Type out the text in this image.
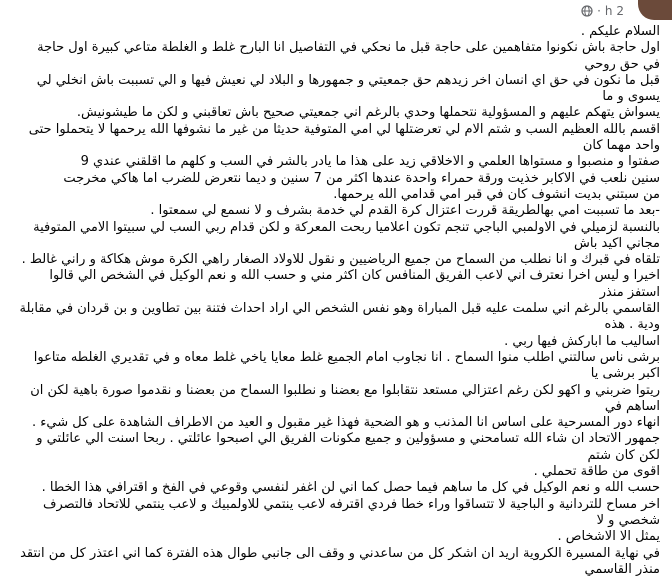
2 h
·

السلام عليكم .

اول حاجة باش نكونوا متفاهمين على حاجة قبل ما نحكي في التفاصيل انا البارح غلط و الغلطة متاعي كبيرة اول حاجة في حق روحي

قبل ما نكون في حق اي انسان اخر زيدهم حق جمعيتي و جمهورها و البلاد لي نعيش فيها و الي تسببت باش انخلي لي يسوى و ما

يسواش يتهكم عليهم و المسؤولية نتحملها وحدي بالرغم اني جمعيتي صحيح باش تعاقبني و لكن ما طيشونيش.

اقسم بالله العظيم السب و شتم الام لي تعرضتلها لي امي المتوفية حديثا من غير ما نشوفها الله يرحمها لا يتحملوا حتى واحد مهما كان

صفتوا و منصبوا و مستواها العلمي و الاخلاقي زيد على هذا ما يادر بالشر في السب و كلهم ما اقلقني عندي 9

سنين نلعب في الاكابر خذيت ورقة حمراء واحدة عندها اكثر من 7 سنين و ديما نتعرض للضرب اما هاكي مخرجت

من سبتني بديت انشوف كان في قبر امي قدامي الله يرحمها.

-بعد ما تسببت امي بهالطريقة قررت اعتزال كرة القدم لي خدمة بشرف و لا نسمع لي سمعتوا .

بالنسبة لزميلي في الاولمبي الباجي تنجم تكون اعلاميا ربحت المعركة و لكن قدام ربي السب لي سبيتوا الامي المتوفية مجاني اكيد باش

تلقاه في قبرك و انا نطلب من السماح من جميع الرياضيين و نقول للاولاد الصغار راهي الكرة موش هكاكة و راني غالط .

اخيرا و ليس اخرا نعترف اني لاعب الفريق المنافس كان اكثر مني و حسب الله و نعم الوكيل في الشخص الي قالوا استفز منذر

القاسمي بالرغم اني سلمت عليه قبل المباراة وهو نفس الشخص الي اراد احداث فتنة بين تطاوين و بن قردان في مقابلة ودية . هذه

اساليب ما اباركش فيها ربي .

برشى ناس سالتني اطلب منوا السماح . انا نجاوب امام الجميع غلط معايا ياخي غلط معاه و في تقديري الغلطه متاعوا اكبر برشى يا

ريتوا ضربني و اكهو لكن رغم اعتزالي مستعد نتقابلوا مع بعضنا و نطلبوا السماح من بعضنا و نقدموا صورة باهية لكن ان اساهم في

انهاء دور المسرحية على اساس انا المذنب و هو الضحية فهذا غير مقبول و العيد من الاطراف الشاهدة على كل شيء .

جمهور الاتحاد ان شاء الله تسامحني و مسؤولين و جميع مكونات الفريق الي اصبحوا عائلتي . ربحا اسنت الي عائلتي و لكن كان شتم

اقوى من طاقة تحملي .

حسب الله و نعم الوكيل في كل ما ساهم فيما حصل كما اني لن اغفر لنفسي وقوعي في الفخ و اقترافي هذا الخطا .

اخر مساح للتردانية و الباجية لا تتساقوا وراء خطا فردي اقترفه لاعب ينتمي للاولمبيك و لاعب ينتمي للاتحاد فالتصرف شخصي و لا

يمثل الا الاشخاص .

في نهاية المسيرة الكروية اريد ان اشكر كل من ساعدني و وقف الى جانبي طوال هذه الفترة كما اني اعتذر كل من انتقد منذر القاسمي
